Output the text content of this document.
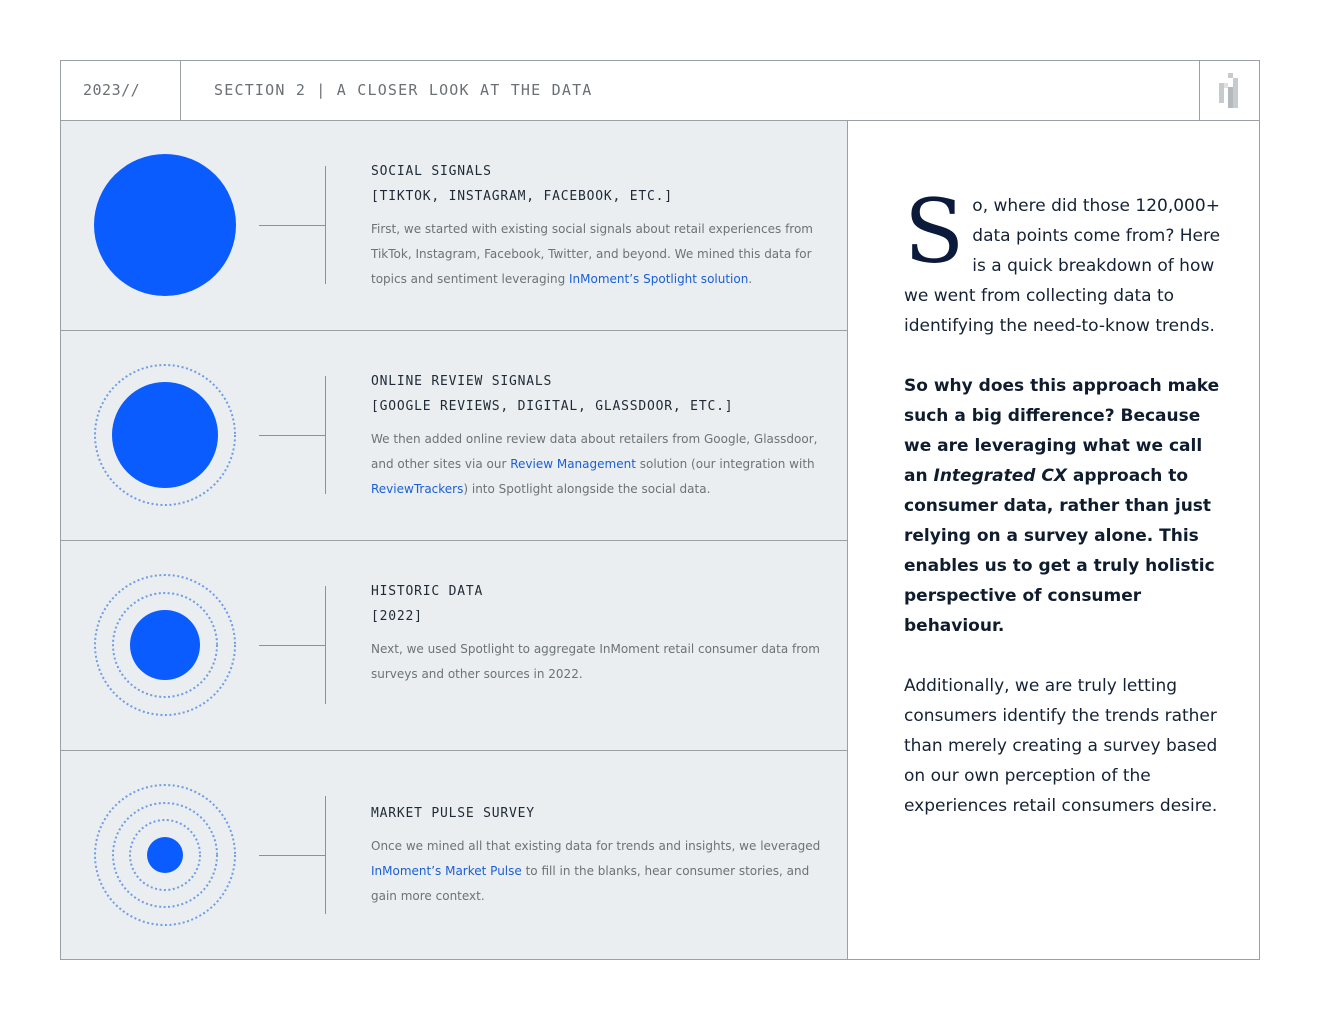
2023//	SECTION 2 | A CLOSER LOOK AT THE DATA
SOCIAL SIGNALS
[TIKTOK, INSTAGRAM, FACEBOOK, ETC.]

First, we started with existing social signals about retail experiences from TikTok, Instagram, Facebook, Twitter, and beyond. We mined this data for topics and sentiment leveraging InMoment’s Spotlight solution.

ONLINE REVIEW SIGNALS
[GOOGLE REVIEWS, DIGITAL, GLASSDOOR, ETC.]

We then added online review data about retailers from Google, Glassdoor, and other sites via our Review Management solution (our integration with ReviewTrackers) into Spotlight alongside the social data.

HISTORIC DATA
[2022]

Next, we used Spotlight to aggregate InMoment retail consumer data from surveys and other sources in 2022.

MARKET PULSE SURVEY

Once we mined all that existing data for trends and insights, we leveraged InMoment’s Market Pulse to fill in the blanks, hear consumer stories, and gain more context.

So, where did those 120,000+ data points come from? Here is a quick breakdown of how we went from collecting data to identifying the need-to-know trends.
So why does this approach make such a big difference? Because we are leveraging what we call an Integrated CX approach to consumer data, rather than just relying on a survey alone. This enables us to get a truly holistic perspective of consumer behaviour.
Additionally, we are truly letting consumers identify the trends rather than merely creating a survey based on our own perception of the experiences retail consumers desire.
